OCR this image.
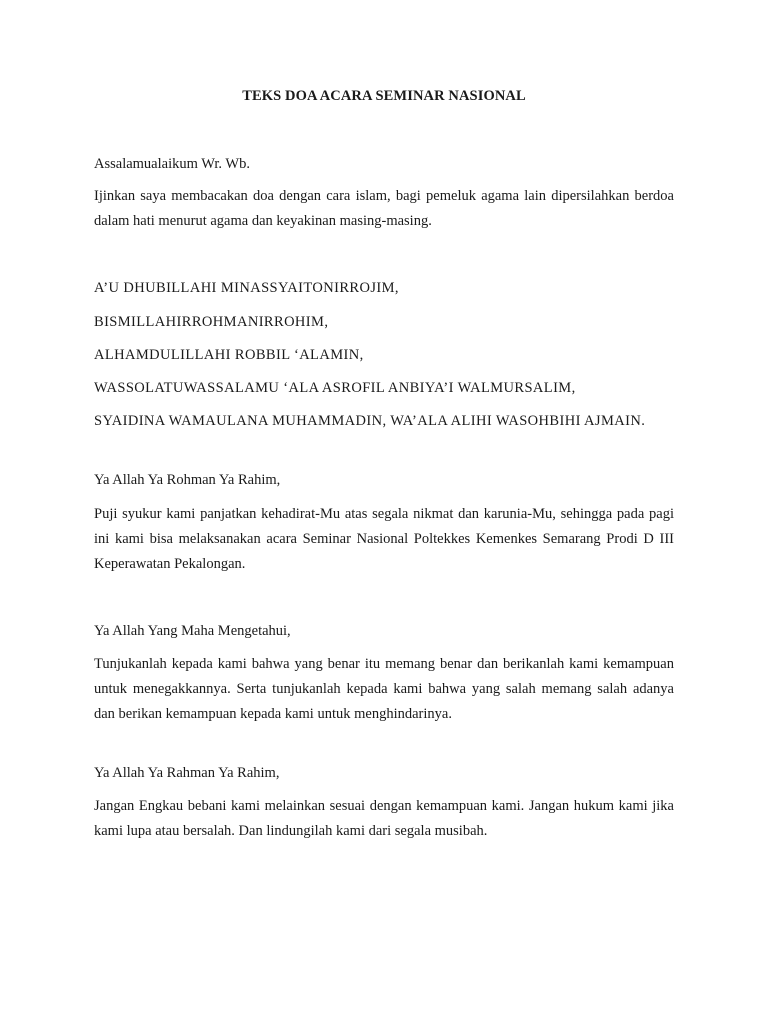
TEKS DOA ACARA SEMINAR NASIONAL

Assalamualaikum Wr. Wb.

Ijinkan saya membacakan doa dengan cara islam, bagi pemeluk agama lain dipersilahkan berdoa dalam hati menurut agama dan keyakinan masing-masing.

A’U DHUBILLAHI MINASSYAITONIRROJIM,

BISMILLAHIRROHMANIRROHIM,

ALHAMDULILLAHI ROBBIL ‘ALAMIN,

WASSOLATUWASSALAMU ‘ALA ASROFIL ANBIYA’I WALMURSALIM,

SYAIDINA WAMAULANA MUHAMMADIN, WA’ALA ALIHI WASOHBIHI AJMAIN.

Ya Allah Ya Rohman Ya Rahim,

Puji syukur kami panjatkan kehadirat-Mu atas segala nikmat dan karunia-Mu, sehingga pada pagi ini kami bisa melaksanakan acara Seminar Nasional Poltekkes Kemenkes Semarang Prodi D III Keperawatan Pekalongan.

Ya Allah Yang Maha Mengetahui,

Tunjukanlah kepada kami bahwa yang benar itu memang benar dan berikanlah kami kemampuan untuk menegakkannya. Serta tunjukanlah kepada kami bahwa yang salah memang salah adanya dan berikan kemampuan kepada kami untuk menghindarinya.

Ya Allah Ya Rahman Ya Rahim,

Jangan Engkau bebani kami melainkan sesuai dengan kemampuan kami. Jangan hukum kami jika kami lupa atau bersalah. Dan lindungilah kami dari segala musibah.
